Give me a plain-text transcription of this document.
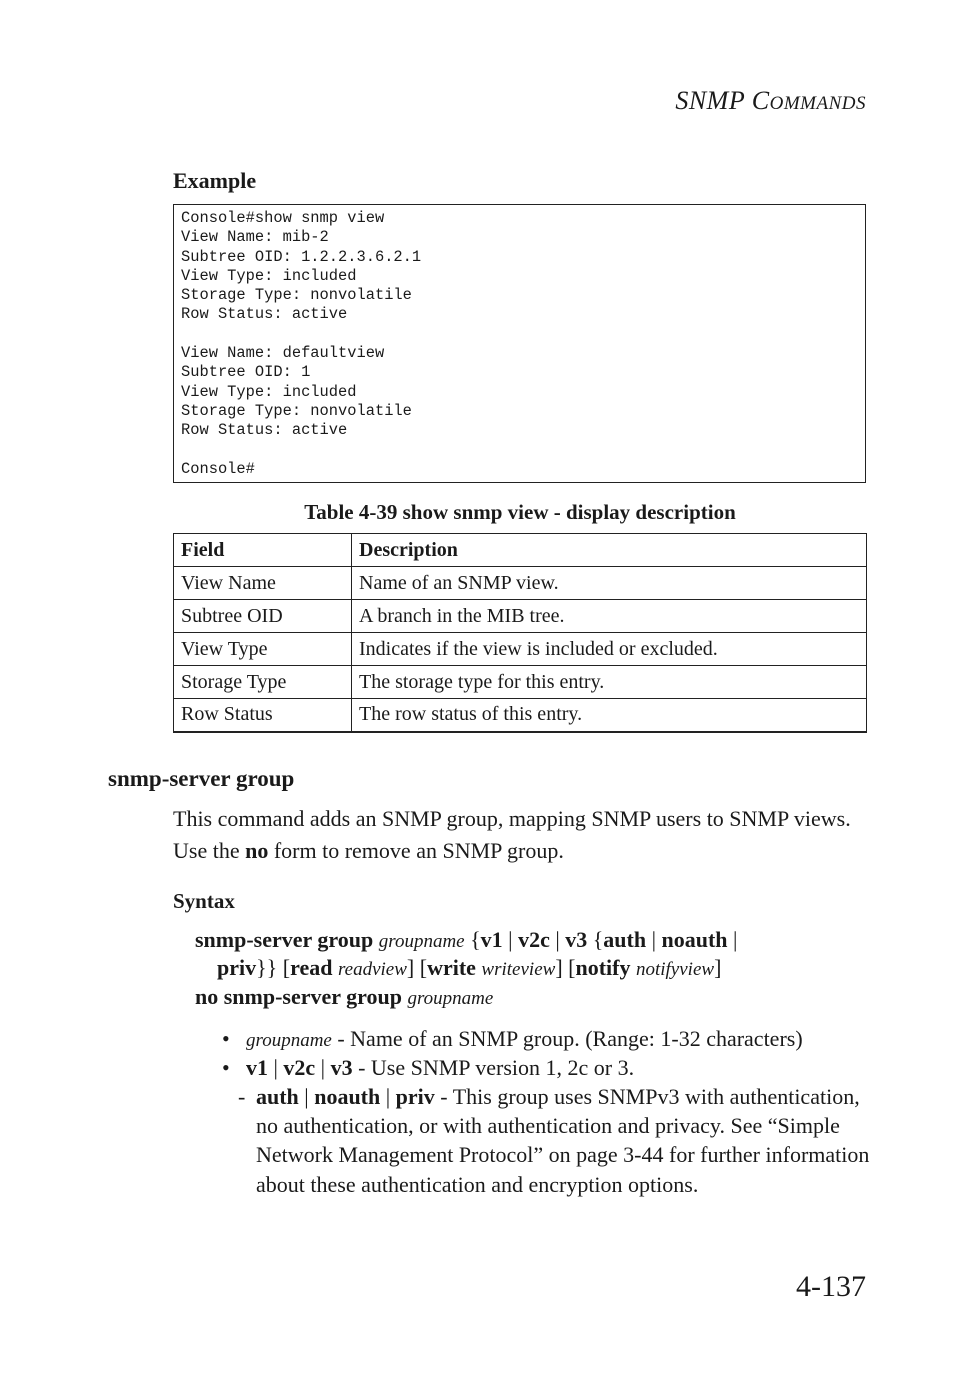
SNMP COMMANDS
Example
Console#show snmp view
View Name: mib-2
Subtree OID: 1.2.2.3.6.2.1
View Type: included
Storage Type: nonvolatile
Row Status: active

View Name: defaultview
Subtree OID: 1
View Type: included
Storage Type: nonvolatile
Row Status: active

Console#
Table 4-39 show snmp view - display description
Field	Description
View Name	Name of an SNMP view.
Subtree OID	A branch in the MIB tree.
View Type	Indicates if the view is included or excluded.
Storage Type	The storage type for this entry.
Row Status	The row status of this entry.
snmp-server group
This command adds an SNMP group, mapping SNMP users to SNMP views. Use the no form to remove an SNMP group.
Syntax
snmp-server group groupname {v1 | v2c | v3 {auth | noauth |
priv}} [read readview] [write writeview] [notify notifyview]
no snmp-server group groupname
• groupname - Name of an SNMP group. (Range: 1-32 characters)
• v1 | v2c | v3 - Use SNMP version 1, 2c or 3.
- auth | noauth | priv - This group uses SNMPv3 with authentication, no authentication, or with authentication and privacy. See “Simple Network Management Protocol” on page 3-44 for further information about these authentication and encryption options.
4-137
